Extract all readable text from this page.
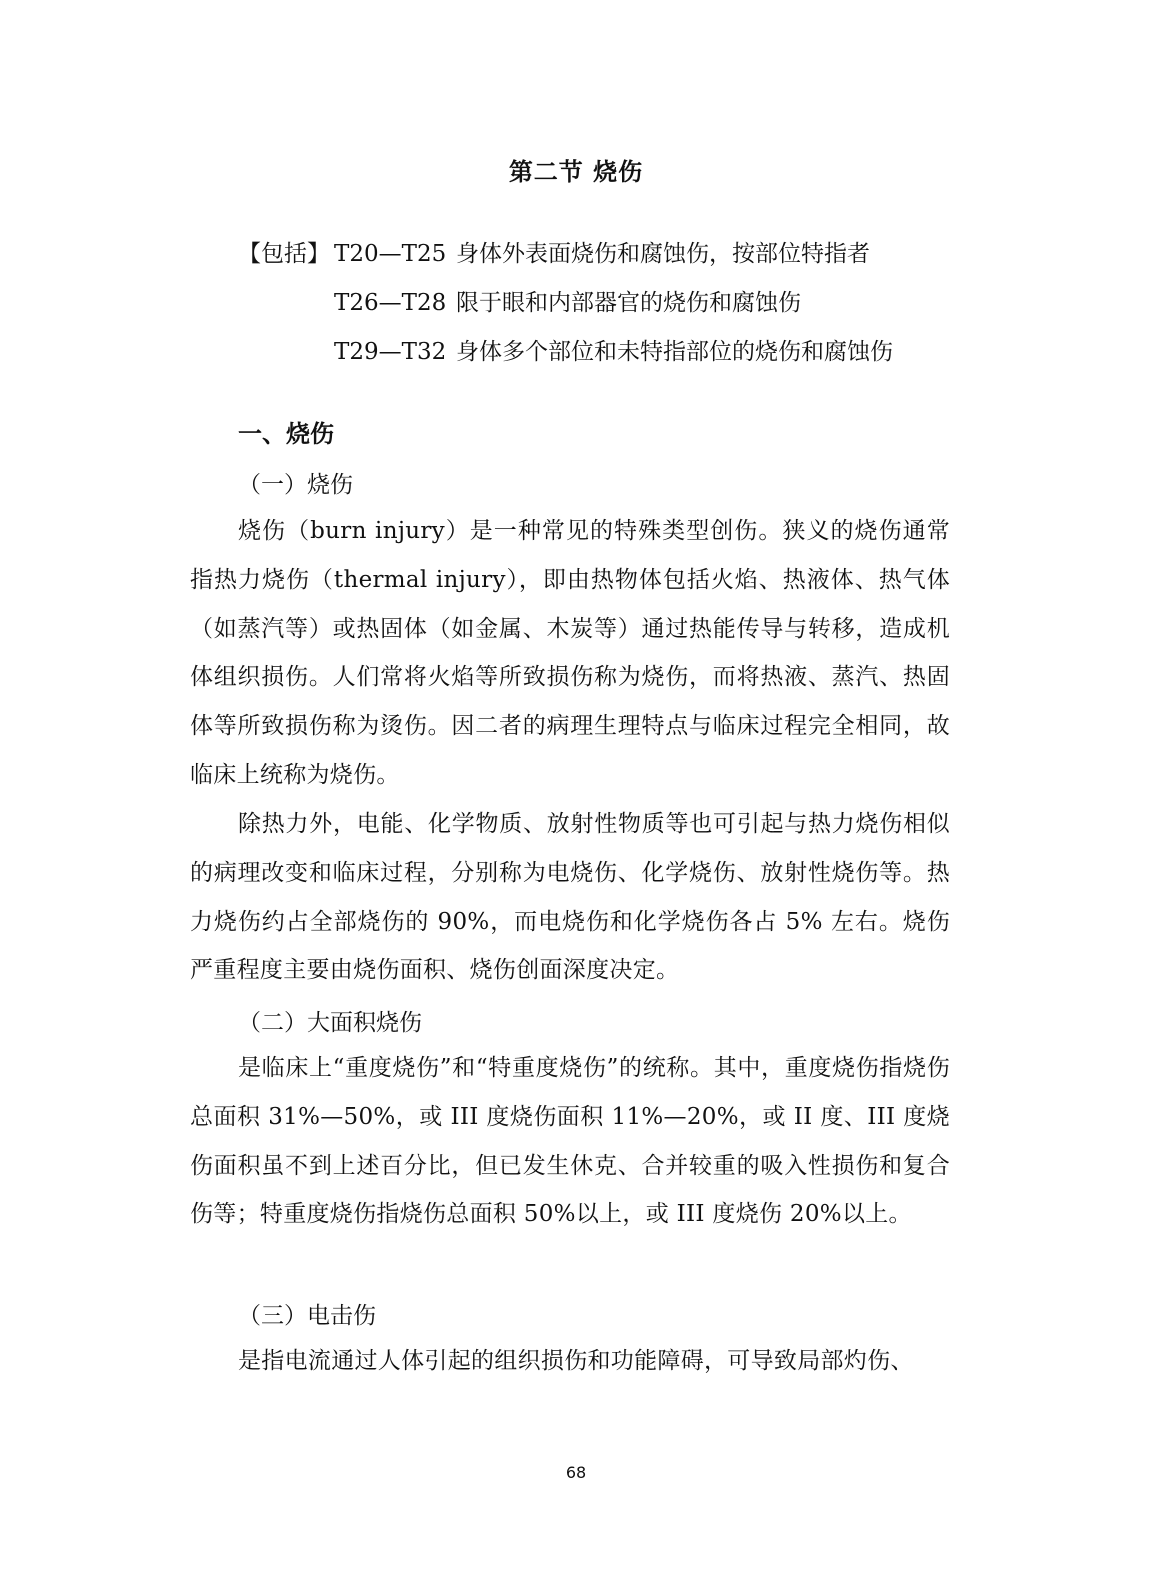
第二节 烧伤
【包括】 T20—T25 身体外表面烧伤和腐蚀伤，按部位特指者
T26—T28 限于眼和内部器官的烧伤和腐蚀伤
T29—T32 身体多个部位和未特指部位的烧伤和腐蚀伤
一、烧伤
（一）烧伤

烧伤（burn injury）是一种常见的特殊类型创伤。狭义的烧伤通常指热力烧伤（thermal injury），即由热物体包括火焰、热液体、热气体（如蒸汽等）或热固体（如金属、木炭等）通过热能传导与转移，造成机体组织损伤。人们常将火焰等所致损伤称为烧伤，而将热液、蒸汽、热固体等所致损伤称为烫伤。因二者的病理生理特点与临床过程完全相同，故临床上统称为烧伤。

除热力外，电能、化学物质、放射性物质等也可引起与热力烧伤相似的病理改变和临床过程，分别称为电烧伤、化学烧伤、放射性烧伤等。热力烧伤约占全部烧伤的 90%，而电烧伤和化学烧伤各占 5% 左右。烧伤严重程度主要由烧伤面积、烧伤创面深度决定。

（二）大面积烧伤

是临床上“重度烧伤”和“特重度烧伤”的统称。其中，重度烧伤指烧伤总面积 31%—50%，或 III 度烧伤面积 11%—20%，或 II 度、III 度烧伤面积虽不到上述百分比，但已发生休克、合并较重的吸入性损伤和复合伤等；特重度烧伤指烧伤总面积 50%以上，或 III 度烧伤 20%以上。

（三）电击伤

是指电流通过人体引起的组织损伤和功能障碍，可导致局部灼伤、

68
